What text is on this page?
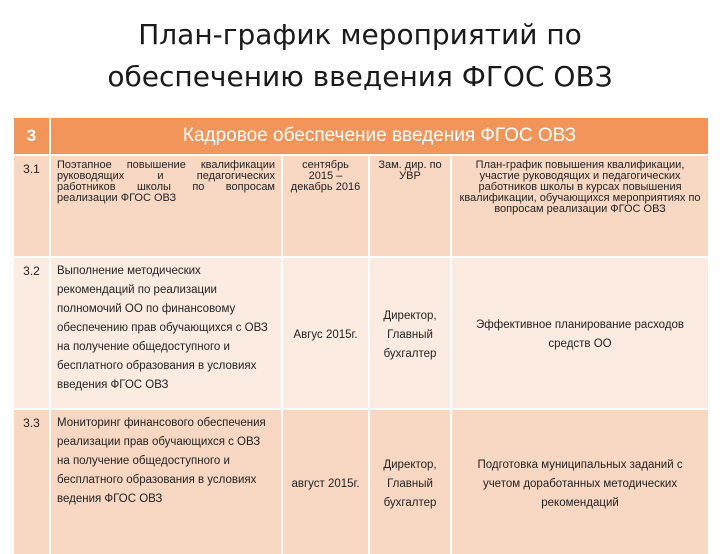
План-график мероприятий по
обеспечению введения ФГОС ОВЗ
3	Кадровое обеспечение введения ФГОС ОВЗ			
3.1	Поэтапное повышение квалификации руководящих и педагогических работников школы по вопросам реализации ФГОС ОВЗ	сентябрь 2015 – декабрь 2016	Зам. дир. по УВР	План-график повышения квалификации, участие руководящих и педагогических работников школы в курсах повышения квалификации, обучающихся мероприятиях по вопросам реализации ФГОС ОВЗ
3.2	Выполнение методических рекомендаций по реализации полномочий ОО по финансовому обеспечению прав обучающихся с ОВЗ на получение общедоступного и бесплатного образования в условиях введения ФГОС ОВЗ	Авгус 2015г.	Директор, Главный бухгалтер	Эффективное планирование расходов средств ОО
3.3	Мониторинг финансового обеспечения реализации прав обучающихся с ОВЗ на получение общедоступного и бесплатного образования в условиях ведения ФГОС ОВЗ	август 2015г.	Директор, Главный бухгалтер	Подготовка муниципальных заданий с учетом доработанных методических рекомендаций
